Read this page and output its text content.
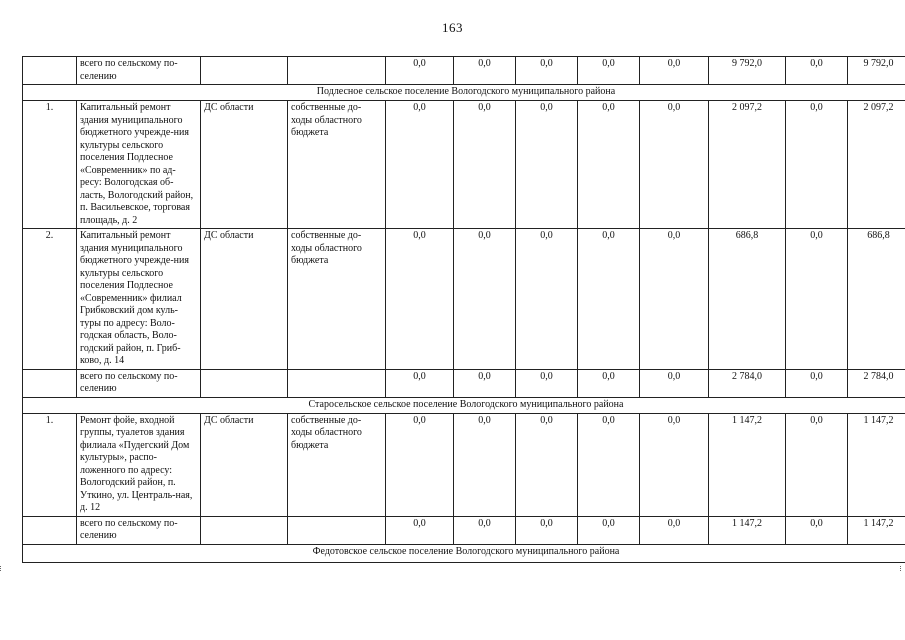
163
	всего по сельскому по-селению			0,0	0,0	0,0	0,0	0,0	9 792,0	0,0	9 792,0
Подлесное сельское поселение Вологодского муниципального района											
1.	Капитальный ремонт здания муниципального бюджетного учрежде-ния культуры сельского поселения Подлесное «Современник» по ад-ресу: Вологодская об-ласть, Вологодский район, п. Васильевское, торговая площадь, д. 2	ДС области	собственные до-ходы областного бюджета	0,0	0,0	0,0	0,0	0,0	2 097,2	0,0	2 097,2
2.	Капитальный ремонт здания муниципального бюджетного учрежде-ния культуры сельского поселения Подлесное «Современник» филиал Грибковский дом куль-туры по адресу: Воло-годская область, Воло-годский район, п. Гриб-ково, д. 14	ДС области	собственные до-ходы областного бюджета	0,0	0,0	0,0	0,0	0,0	686,8	0,0	686,8
	всего по сельскому по-селению			0,0	0,0	0,0	0,0	0,0	2 784,0	0,0	2 784,0
Старосельское сельское поселение Вологодского муниципального района											
1.	Ремонт фойе, входной группы, туалетов здания филиала «Пудегский Дом культуры», распо-ложенного по адресу: Вологодский район, п. Уткино, ул. Централь-ная, д. 12	ДС области	собственные до-ходы областного бюджета	0,0	0,0	0,0	0,0	0,0	1 147,2	0,0	1 147,2
	всего по сельскому по-селению			0,0	0,0	0,0	0,0	0,0	1 147,2	0,0	1 147,2
Федотовское сельское поселение Вологодского муниципального района											
